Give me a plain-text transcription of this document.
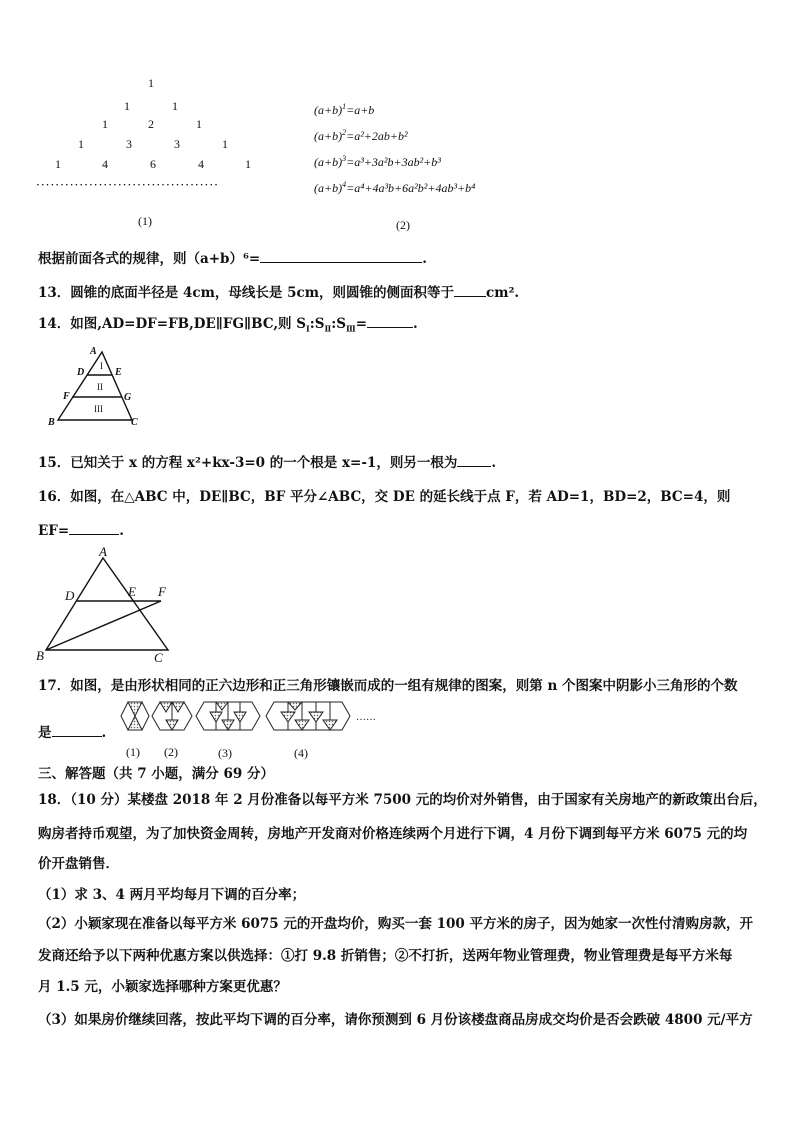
1
1	1
1	2	1
1	3	3	1
1	4	6	4	1
······································
(1)
$(a+b)^1=a+b$
$(a+b)^2=a^2+2ab+b^2$
$(a+b)^3=a^3+3a^2b+3ab^2+b^3$
$(a+b)^4=a^4+4a^3b+6a^2b^2+4ab^3+b^4$
(2)
根据前面各式的规律，则（a+b）⁶=	.
13．圆锥的底面半径是 4cm，母线长是 5cm，则圆锥的侧面积等于 cm².
14．如图,AD=DF=FB,DE∥FG∥BC,则 $S_Ⅰ:S_Ⅱ:S_Ⅲ=$	.
A
D	E
F	G
B	C
I
II
III
15．已知关于 x 的方程 x²+kx-3=0 的一个根是 x=-1，则另一根为	.
16．如图，在△ABC 中，DE∥BC，BF 平分∠ABC，交 DE 的延长线于点 F，若 AD=1，BD=2，BC=4，则
EF=	.
A
D	E F
B	C
17．如图，是由形状相同的正六边形和正三角形镶嵌而成的一组有规律的图案，则第 n 个图案中阴影小三角形的个数
是	.
……
(1) (2)	(3)	(4)
三、解答题（共 7 小题，满分 69 分）
18．（10 分）某楼盘 2018 年 2 月份准备以每平方米 7500 元的均价对外销售，由于国家有关房地产的新政策出台后，
购房者持币观望，为了加快资金周转，房地产开发商对价格连续两个月进行下调，4 月份下调到每平方米 6075 元的均
价开盘销售．
（1）求 3、4 两月平均每月下调的百分率；
（2）小颖家现在准备以每平方米 6075 元的开盘均价，购买一套 100 平方米的房子，因为她家一次性付清购房款，开
发商还给予以下两种优惠方案以供选择：①打 9.8 折销售；②不打折，送两年物业管理费，物业管理费是每平方米每
月 1.5 元，小颖家选择哪种方案更优惠？
（3）如果房价继续回落，按此平均下调的百分率，请你预测到 6 月份该楼盘商品房成交均价是否会跌破 4800 元/平方
